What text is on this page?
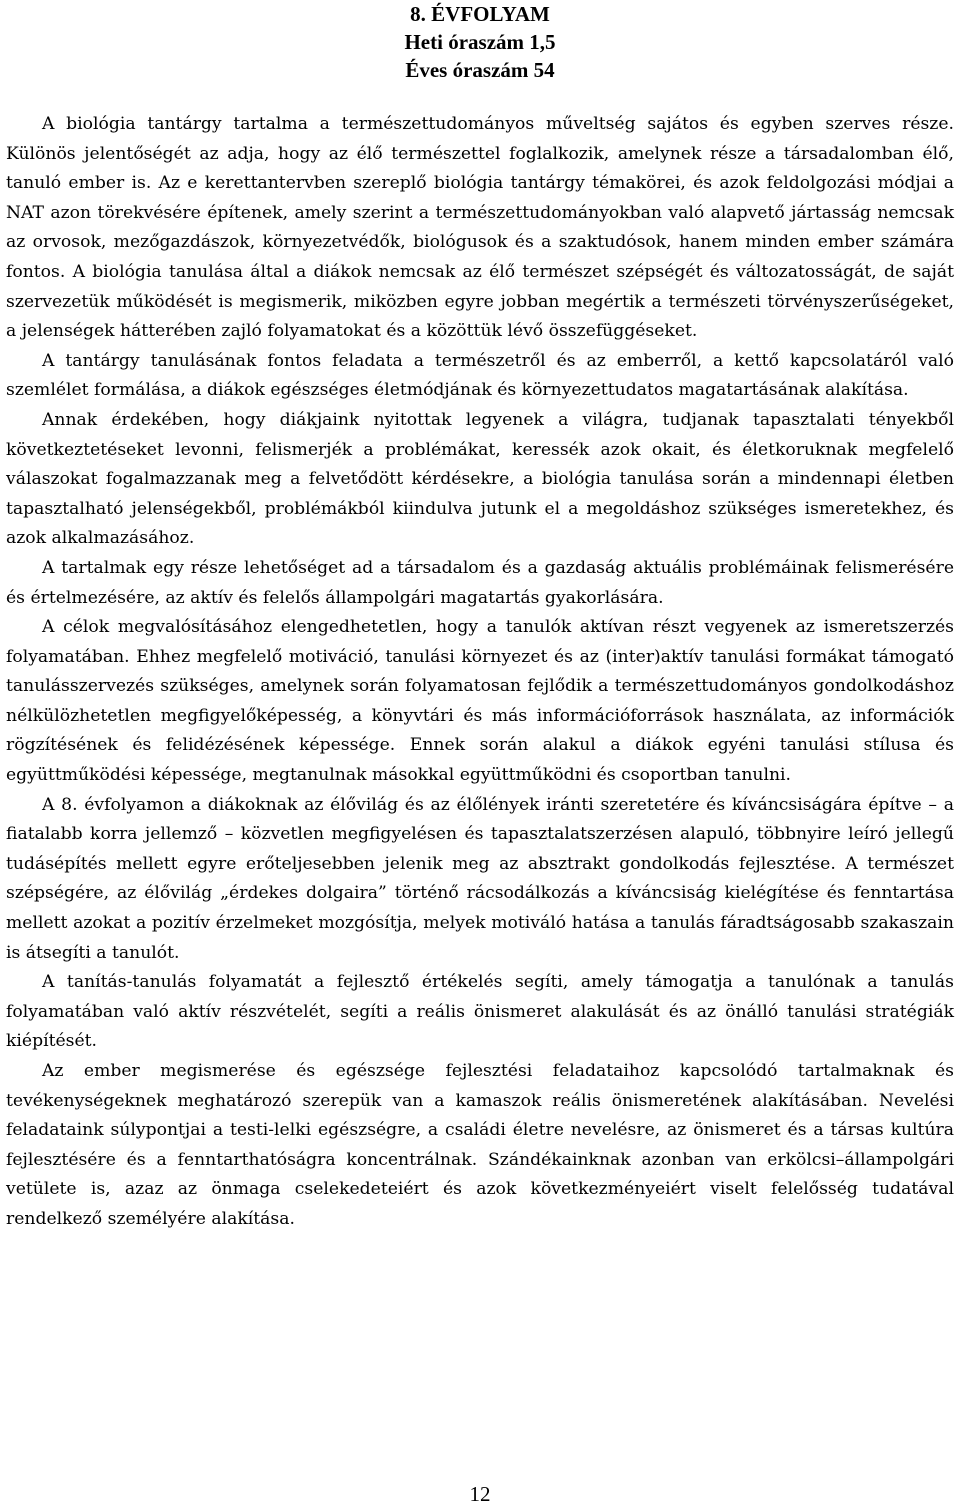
8. ÉVFOLYAM
Heti óraszám 1,5
Éves óraszám 54

A biológia tantárgy tartalma a természettudományos műveltség sajátos és egyben szerves része. Különös jelentőségét az adja, hogy az élő természettel foglalkozik, amelynek része a társadalomban élő, tanuló ember is. Az e kerettantervben szereplő biológia tantárgy témakörei, és azok feldolgozási módjai a NAT azon törekvésére építenek, amely szerint a természettudományokban való alapvető jártasság nemcsak az orvosok, mezőgazdászok, környezetvédők, biológusok és a szaktudósok, hanem minden ember számára fontos. A biológia tanulása által a diákok nemcsak az élő természet szépségét és változatosságát, de saját szervezetük működését is megismerik, miközben egyre jobban megértik a természeti törvényszerűségeket, a jelenségek hátterében zajló folyamatokat és a közöttük lévő összefüggéseket.

A tantárgy tanulásának fontos feladata a természetről és az emberről, a kettő kapcsolatáról való szemlélet formálása, a diákok egészséges életmódjának és környezettudatos magatartásának alakítása.

Annak érdekében, hogy diákjaink nyitottak legyenek a világra, tudjanak tapasztalati tényekből következtetéseket levonni, felismerjék a problémákat, keressék azok okait, és életkoruknak megfelelő válaszokat fogalmazzanak meg a felvetődött kérdésekre, a biológia tanulása során a mindennapi életben tapasztalható jelenségekből, problémákból kiindulva jutunk el a megoldáshoz szükséges ismeretekhez, és azok alkalmazásához.

A tartalmak egy része lehetőséget ad a társadalom és a gazdaság aktuális problémáinak felismerésére és értelmezésére, az aktív és felelős állampolgári magatartás gyakorlására.

A célok megvalósításához elengedhetetlen, hogy a tanulók aktívan részt vegyenek az ismeretszerzés folyamatában. Ehhez megfelelő motiváció, tanulási környezet és az (inter)aktív tanulási formákat támogató tanulásszervezés szükséges, amelynek során folyamatosan fejlődik a természettudományos gondolkodáshoz nélkülözhetetlen megfigyelőképesség, a könyvtári és más információforrások használata, az információk rögzítésének és felidézésének képessége. Ennek során alakul a diákok egyéni tanulási stílusa és együttműködési képessége, megtanulnak másokkal együttműködni és csoportban tanulni.

A 8. évfolyamon a diákoknak az élővilág és az élőlények iránti szeretetére és kíváncsiságára építve – a fiatalabb korra jellemző – közvetlen megfigyelésen és tapasztalatszerzésen alapuló, többnyire leíró jellegű tudásépítés mellett egyre erőteljesebben jelenik meg az absztrakt gondolkodás fejlesztése. A természet szépségére, az élővilág „érdekes dolgaira” történő rácsodálkozás a kíváncsiság kielégítése és fenntartása mellett azokat a pozitív érzelmeket mozgósítja, melyek motiváló hatása a tanulás fáradtságosabb szakaszain is átsegíti a tanulót.

A tanítás-tanulás folyamatát a fejlesztő értékelés segíti, amely támogatja a tanulónak a tanulás folyamatában való aktív részvételét, segíti a reális önismeret alakulását és az önálló tanulási stratégiák kiépítését.

Az ember megismerése és egészsége fejlesztési feladataihoz kapcsolódó tartalmaknak és tevékenységeknek meghatározó szerepük van a kamaszok reális önismeretének alakításában. Nevelési feladataink súlypontjai a testi-lelki egészségre, a családi életre nevelésre, az önismeret és a társas kultúra fejlesztésére és a fenntarthatóságra koncentrálnak. Szándékainknak azonban van erkölcsi–állampolgári vetülete is, azaz az önmaga cselekedeteiért és azok következményeiért viselt felelősség tudatával rendelkező személyére alakítása.

12
